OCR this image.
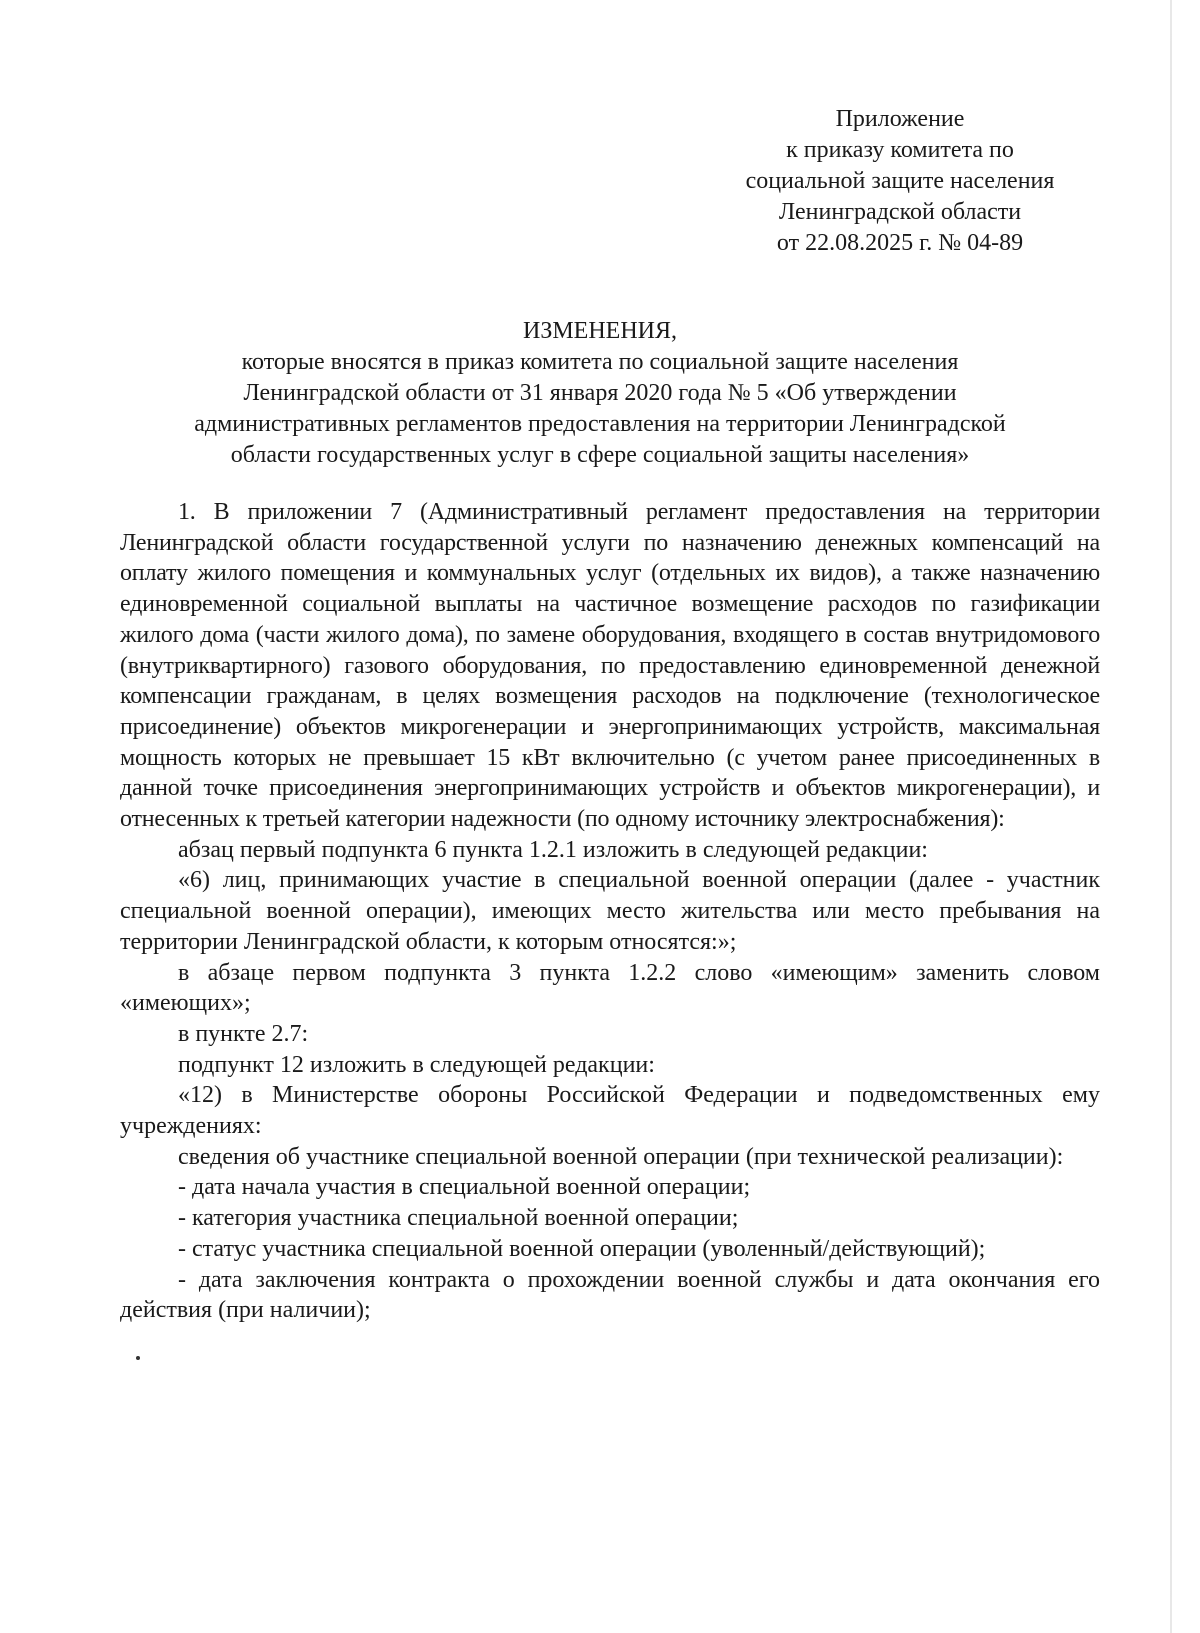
Приложение
к приказу комитета по
социальной защите населения
Ленинградской области
от 22.08.2025 г. № 04-89
ИЗМЕНЕНИЯ,
которые вносятся в приказ комитета по социальной защите населения
Ленинградской области от 31 января 2020 года № 5 «Об утверждении
административных регламентов предоставления на территории Ленинградской
области государственных услуг в сфере социальной защиты населения»

1. В приложении 7 (Административный регламент предоставления на территории Ленинградской области государственной услуги по назначению денежных компенсаций на оплату жилого помещения и коммунальных услуг (отдельных их видов), а также назначению единовременной социальной выплаты на частичное возмещение расходов по газификации жилого дома (части жилого дома), по замене оборудования, входящего в состав внутридомового (внутриквартирного) газового оборудования, по предоставлению единовременной денежной компенсации гражданам, в целях возмещения расходов на подключение (технологическое присоединение) объектов микрогенерации и энергопринимающих устройств, максимальная мощность которых не превышает 15 кВт включительно (с учетом ранее присоединенных в данной точке присоединения энергопринимающих устройств и объектов микрогенерации), и отнесенных к третьей категории надежности (по одному источнику электроснабжения):

абзац первый подпункта 6 пункта 1.2.1 изложить в следующей редакции:

«6) лиц, принимающих участие в специальной военной операции (далее - участник специальной военной операции), имеющих место жительства или место пребывания на территории Ленинградской области, к которым относятся:»;

в абзаце первом подпункта 3 пункта 1.2.2 слово «имеющим» заменить словом «имеющих»;

в пункте 2.7:

подпункт 12 изложить в следующей редакции:

«12) в Министерстве обороны Российской Федерации и подведомственных ему учреждениях:

сведения об участнике специальной военной операции (при технической реализации):

- дата начала участия в специальной военной операции;

- категория участника специальной военной операции;

- статус участника специальной военной операции (уволенный/действующий);

- дата заключения контракта о прохождении военной службы и дата окончания его действия (при наличии);
